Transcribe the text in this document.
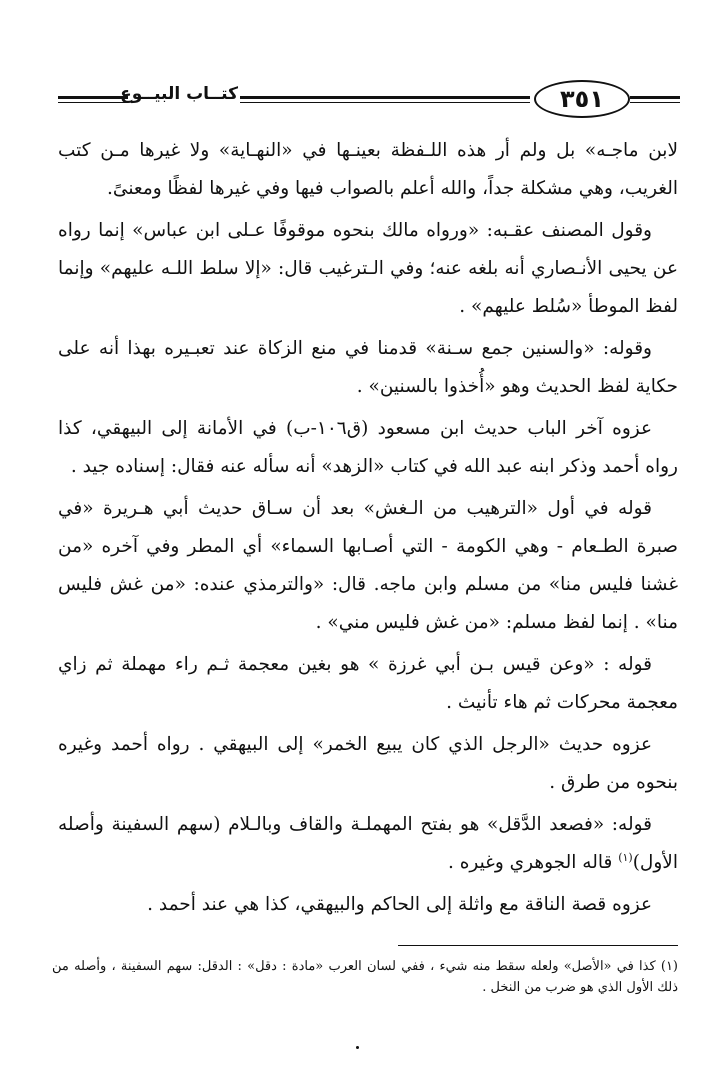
٣٥١
كتــاب البيــوع

لابن ماجـه» بل ولم أر هذه اللـفظة بعينـها في «النهـاية» ولا غيرها مـن كتب الغريب، وهي مشكلة جداً، والله أعلم بالصواب فيها وفي غيرها لفظًا ومعنىً.

وقول المصنف عقـبه: «ورواه مالك بنحوه موقوفًا عـلى ابن عباس» إنما رواه عن يحيى الأنـصاري أنه بلغه عنه؛ وفي الـترغيب قال: «إلا سلط اللـه عليهم» وإنما لفظ الموطأ «سُلط عليهم» .

وقوله: «والسنين جمع سـنة» قدمنا في منع الزكاة عند تعبـيره بهذا أنه على حكاية لفظ الحديث وهو «أُخذوا بالسنين» .

عزوه آخر الباب حديث ابن مسعود (ق١٠٦-ب) في الأمانة إلى البيهقي، كذا رواه أحمد وذكر ابنه عبد الله في كتاب «الزهد» أنه سأله عنه فقال: إسناده جيد .

قوله في أول «الترهيب من الـغش» بعد أن سـاق حديث أبي هـريرة «في صبرة الطـعام - وهي الكومة - التي أصـابها السماء» أي المطر وفي آخره «من غشنا فليس منا» من مسلم وابن ماجه. قال: «والترمذي عنده: «من غش فليس منا» . إنما لفظ مسلم: «من غش فليس مني» .

قوله : «وعن قيس بـن أبي غرزة » هو بغين معجمة ثـم راء مهملة ثم زاي معجمة محركات ثم هاء تأنيث .

عزوه حديث «الرجل الذي كان يبيع الخمر» إلى البيهقي . رواه أحمد وغيره بنحوه من طرق .

قوله: «فصعد الدَّقل» هو بفتح المهملـة والقاف وبالـلام (سهم السفينة وأصله الأول)$^{(١)}$ قاله الجوهري وغيره .

عزوه قصة الناقة مع واثلة إلى الحاكم والبيهقي، كذا هي عند أحمد .

(١) كذا في «الأصل» ولعله سقط منه شيء ، ففي لسان العرب «مادة : دقل» : الدقل: سهم السفينة ، وأصله من ذلك الأول الذي هو ضرب من النخل .
